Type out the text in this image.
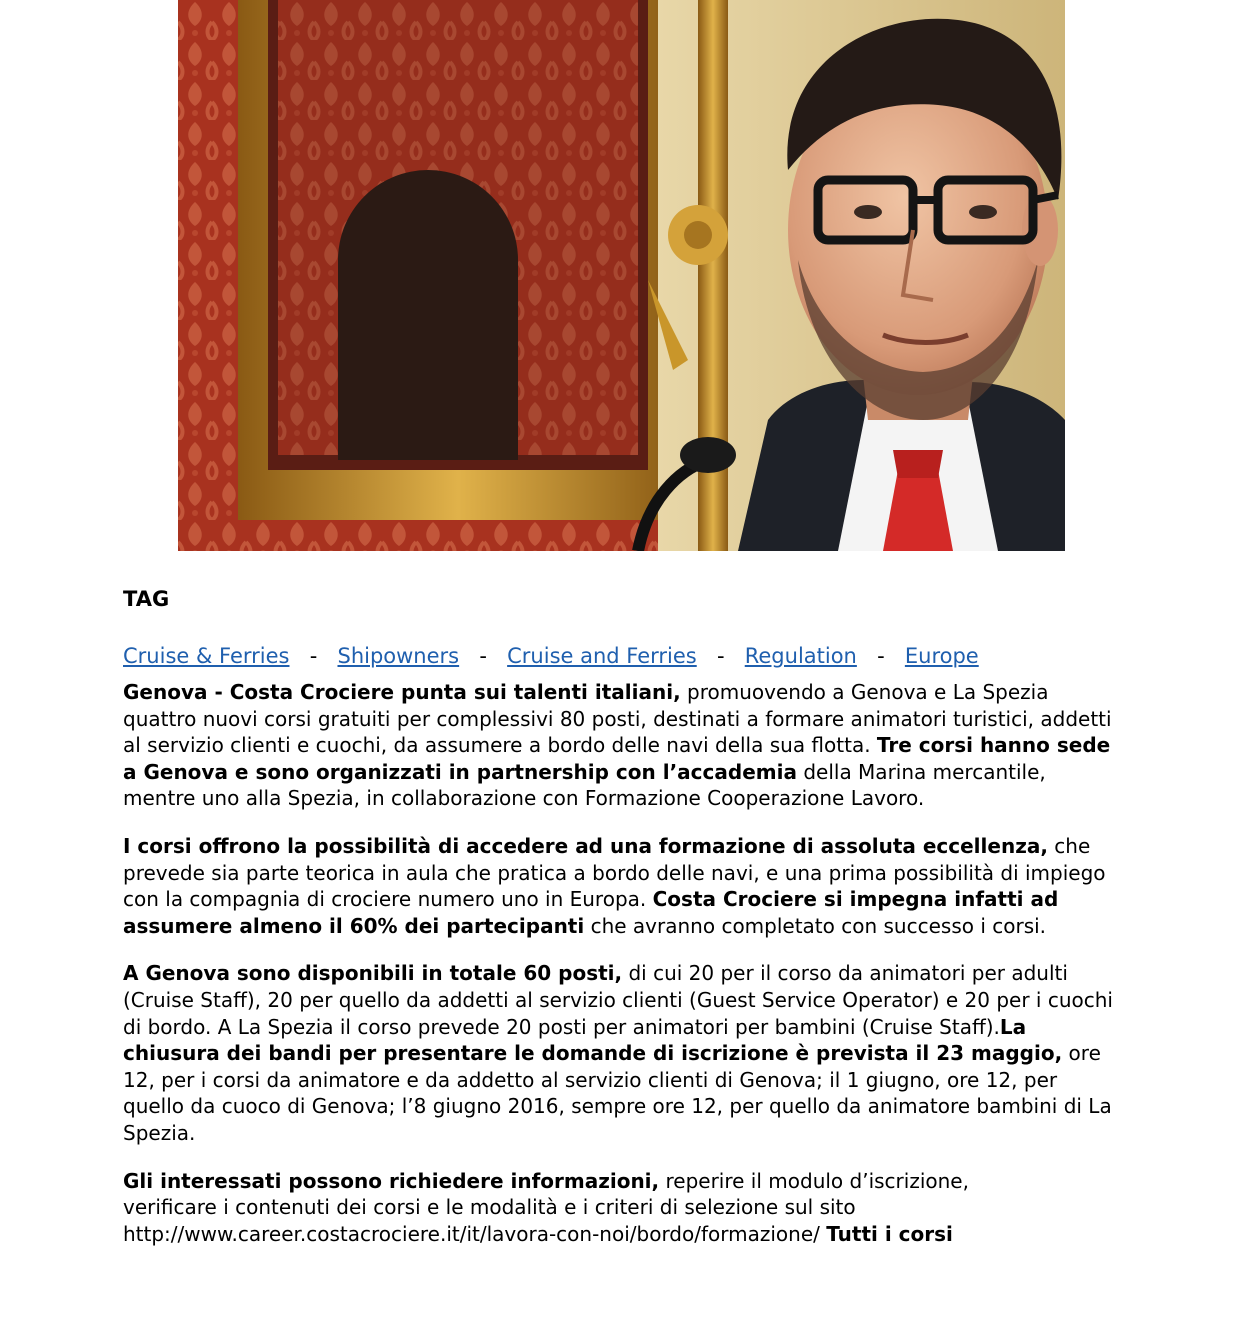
TAG
Cruise & Ferries - Shipowners - Cruise and Ferries - Regulation - Europe

Genova - Costa Crociere punta sui talenti italiani, promuovendo a Genova e La Spezia quattro nuovi corsi gratuiti per complessivi 80 posti, destinati a formare animatori turistici, addetti al servizio clienti e cuochi, da assumere a bordo delle navi della sua flotta. Tre corsi hanno sede a Genova e sono organizzati in partnership con l’accademia della Marina mercantile, mentre uno alla Spezia, in collaborazione con Formazione Cooperazione Lavoro.

I corsi offrono la possibilità di accedere ad una formazione di assoluta eccellenza, che prevede sia parte teorica in aula che pratica a bordo delle navi, e una prima possibilità di impiego con la compagnia di crociere numero uno in Europa. Costa Crociere si impegna infatti ad assumere almeno il 60% dei partecipanti che avranno completato con successo i corsi.

A Genova sono disponibili in totale 60 posti, di cui 20 per il corso da animatori per adulti (Cruise Staff), 20 per quello da addetti al servizio clienti (Guest Service Operator) e 20 per i cuochi di bordo. A La Spezia il corso prevede 20 posti per animatori per bambini (Cruise Staff).La chiusura dei bandi per presentare le domande di iscrizione è prevista il 23 maggio, ore 12, per i corsi da animatore e da addetto al servizio clienti di Genova; il 1 giugno, ore 12, per quello da cuoco di Genova; l’8 giugno 2016, sempre ore 12, per quello da animatore bambini di La Spezia.

Gli interessati possono richiedere informazioni, reperire il modulo d’iscrizione,
verificare i contenuti dei corsi e le modalità e i criteri di selezione sul sito
http://www.career.costacrociere.it/it/lavora-con-noi/bordo/formazione/ Tutti i corsi
